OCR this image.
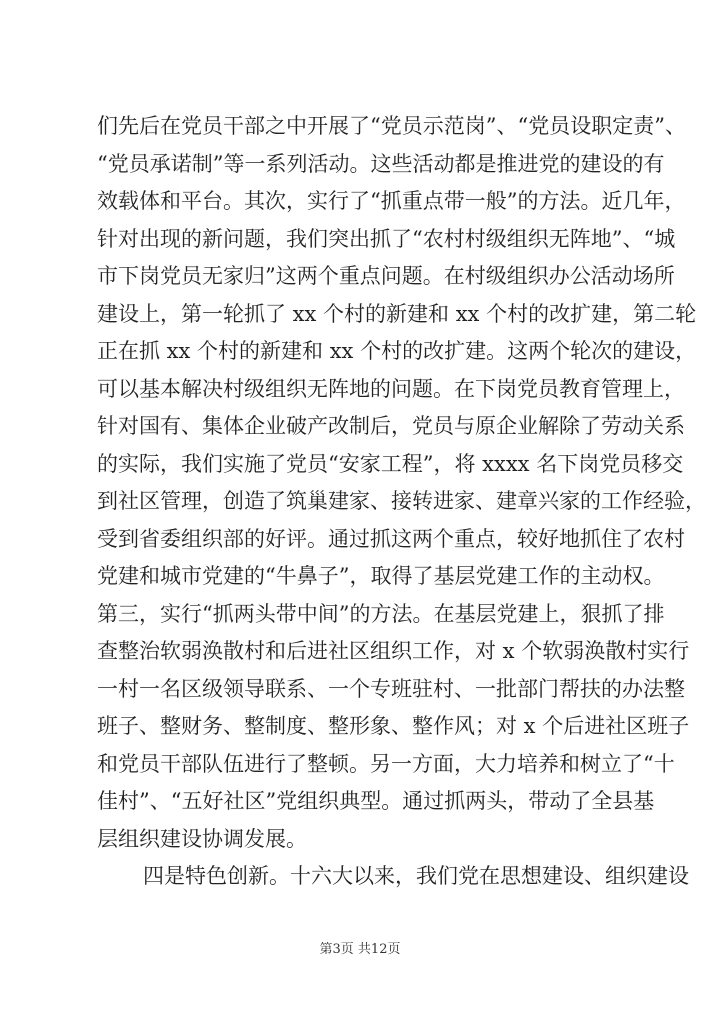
们先后在党员干部之中开展了“党员示范岗”、“党员设职定责”、
“党员承诺制”等一系列活动。这些活动都是推进党的建设的有
效载体和平台。其次，实行了“抓重点带一般”的方法。近几年，
针对出现的新问题，我们突出抓了“农村村级组织无阵地”、“城
市下岗党员无家归”这两个重点问题。在村级组织办公活动场所
建设上，第一轮抓了 xx 个村的新建和 xx 个村的改扩建，第二轮
正在抓 xx 个村的新建和 xx 个村的改扩建。这两个轮次的建设，
可以基本解决村级组织无阵地的问题。在下岗党员教育管理上，
针对国有、集体企业破产改制后，党员与原企业解除了劳动关系
的实际，我们实施了党员“安家工程”，将 xxxx 名下岗党员移交
到社区管理，创造了筑巢建家、接转进家、建章兴家的工作经验，
受到省委组织部的好评。通过抓这两个重点，较好地抓住了农村
党建和城市党建的“牛鼻子”，取得了基层党建工作的主动权。
第三，实行“抓两头带中间”的方法。在基层党建上，狠抓了排
查整治软弱涣散村和后进社区组织工作，对 x 个软弱涣散村实行
一村一名区级领导联系、一个专班驻村、一批部门帮扶的办法整
班子、整财务、整制度、整形象、整作风；对 x 个后进社区班子
和党员干部队伍进行了整顿。另一方面，大力培养和树立了“十
佳村”、“五好社区”党组织典型。通过抓两头，带动了全县基
层组织建设协调发展。
四是特色创新。十六大以来，我们党在思想建设、组织建设
第3页 共12页
